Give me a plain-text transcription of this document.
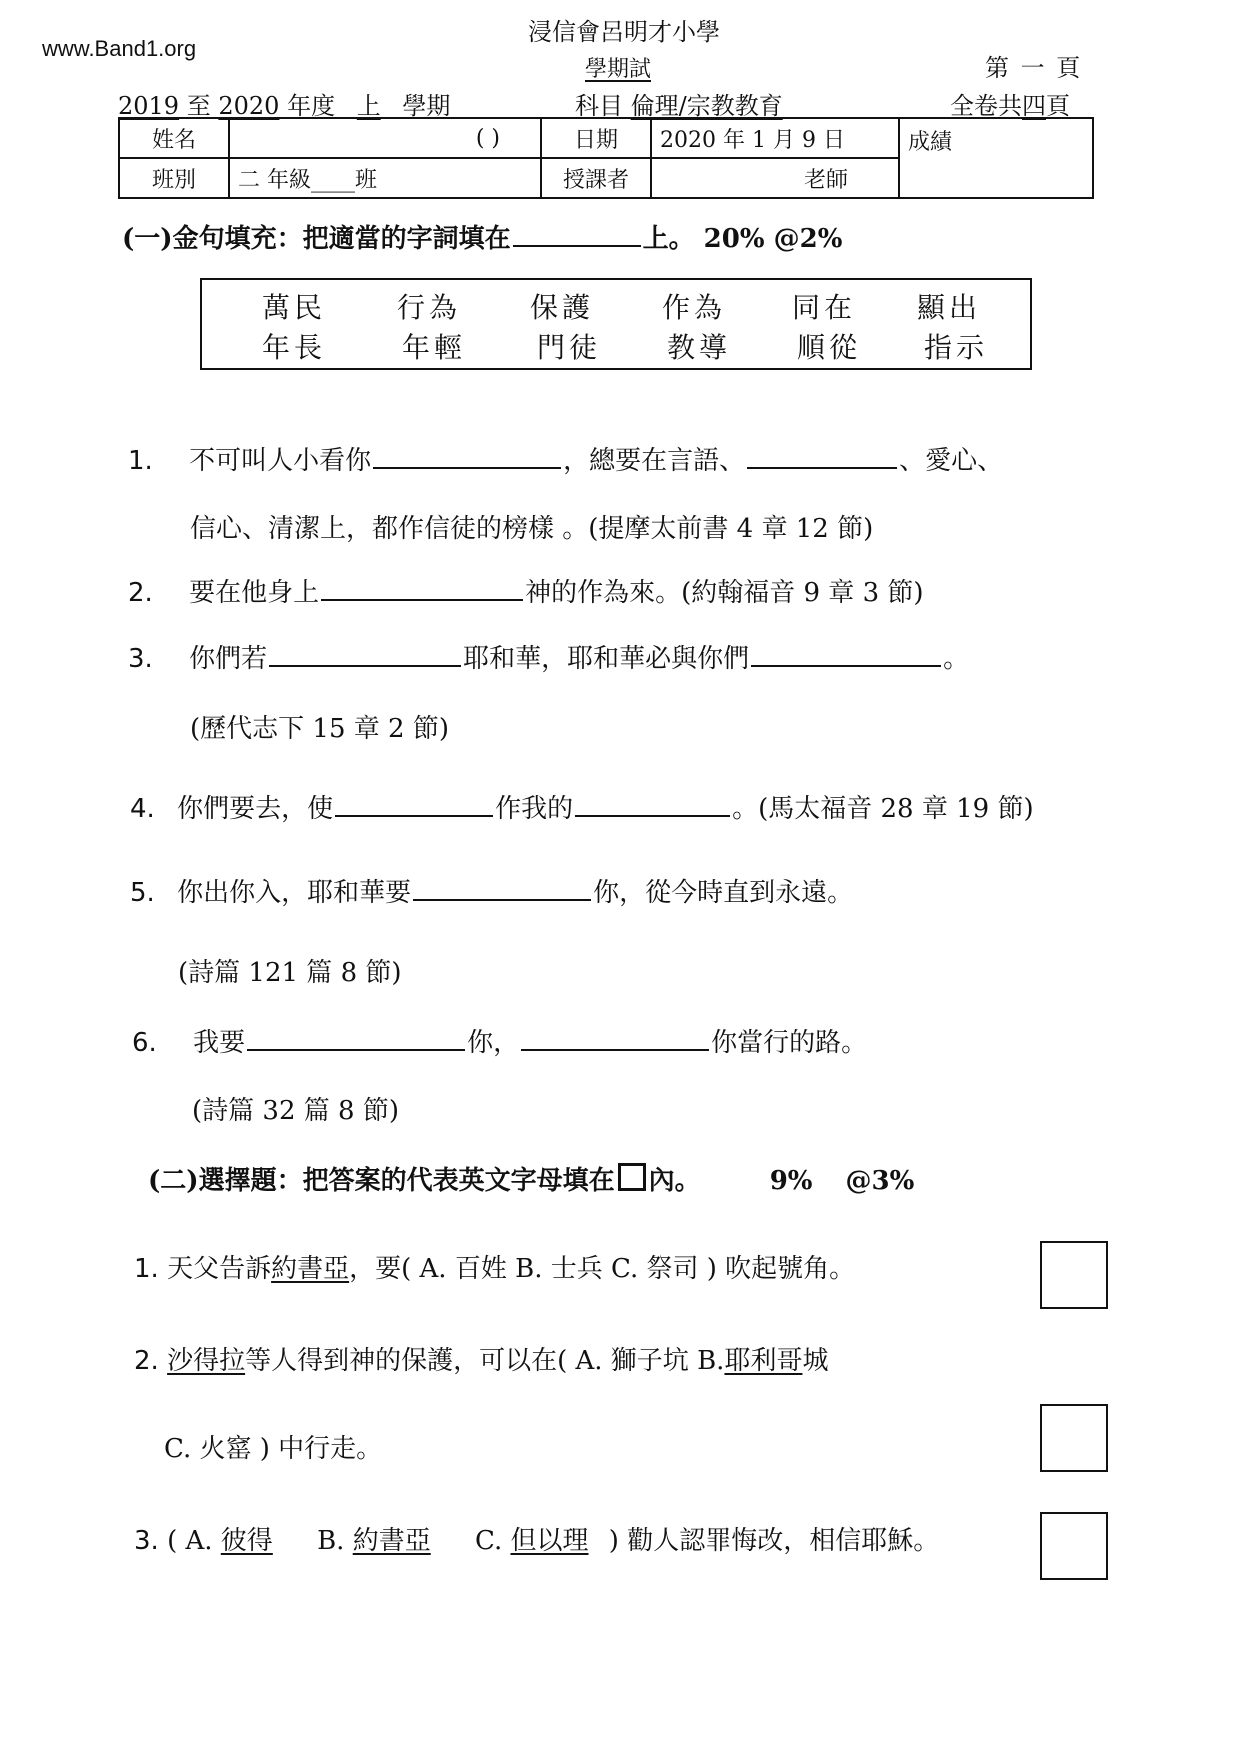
www.Band1.org
浸信會呂明才小學
學期試	第 一 頁
2019 至 2020 年度 上 學期	科目 倫理/宗教教育	全卷共四頁
姓名	( )	日期	2020 年 1 月 9 日	成績
班別	二 年級____班	授課者	老師	
(一)金句填充：把適當的字詞填在	上。 20% @2%
萬民	行為 保護 作為 同在 顯出
年長	年輕	門徒 教導 順從 指示
1. 不可叫人小看你	，總要在言語、	、愛心、
信心、清潔上，都作信徒的榜樣 。(提摩太前書 4 章 12 節)
2. 要在他身上	神的作為來。(約翰福音 9 章 3 節)
3. 你們若	耶和華，耶和華必與你們	。
(歷代志下 15 章 2 節)
4. 你們要去，使	作我的	。(馬太福音 28 章 19 節)
5. 你出你入，耶和華要	你，從今時直到永遠。
(詩篇 121 篇 8 節)
6. 我要	你，	你當行的路。
(詩篇 32 篇 8 節)
(二)選擇題：把答案的代表英文字母填在 內。	9% @3%
1. 天父告訴約書亞，要( A. 百姓 B. 士兵 C. 祭司 ) 吹起號角。
2. 沙得拉等人得到神的保護，可以在( A. 獅子坑 B.耶利哥城
C. 火窰 ) 中行走。
3. ( A. 彼得 B. 約書亞 C. 但以理 ) 勸人認罪悔改，相信耶穌。
